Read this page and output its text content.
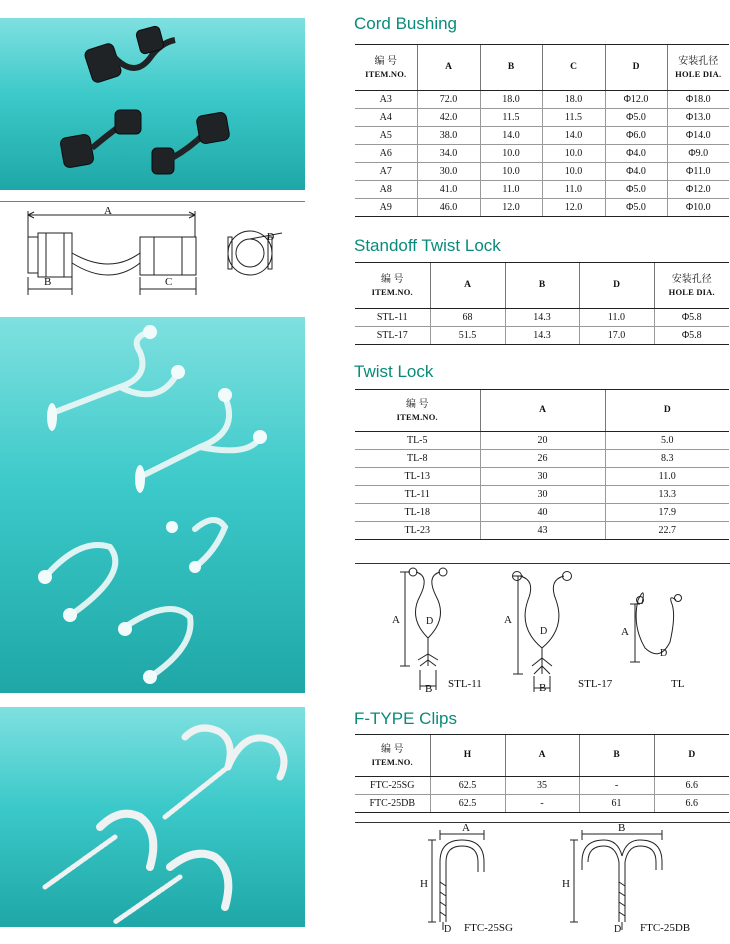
A
B	C
D
Cord Bushing
编 号
ITEM.NO.	A	B	C	D	安装孔径
HOLE DIA.

A3	72.0	18.0	18.0	Φ12.0	Φ18.0
A4	42.0	11.5	11.5	Φ5.0	Φ13.0
A5	38.0	14.0	14.0	Φ6.0	Φ14.0
A6	34.0	10.0	10.0	Φ4.0	Φ9.0
A7	30.0	10.0	10.0	Φ4.0	Φ11.0
A8	41.0	11.0	11.0	Φ5.0	Φ12.0
A9	46.0	12.0	12.0	Φ5.0	Φ10.0
Standoff Twist Lock
编 号
ITEM.NO.	A	B	D	安装孔径
HOLE DIA.

STL-11	68	14.3	11.0	Φ5.8
STL-17	51.5	14.3	17.0	Φ5.8
Twist Lock
编 号
ITEM.NO.	A	D
TL-5	20	5.0
TL-8	26	8.3
TL-13	30	11.0
TL-11	30	13.3
TL-18	40	17.9
TL-23	43	22.7
A	D
B STL-11
A
D
B	STL-17
A
D
TL
F-TYPE Clips
编 号
ITEM.NO.	H	A	B	D
FTC-25SG	62.5	35	-	6.6
FTC-25DB	62.5	-	61	6.6
A
H
D FTC-25SG
B
H
D FTC-25DB
